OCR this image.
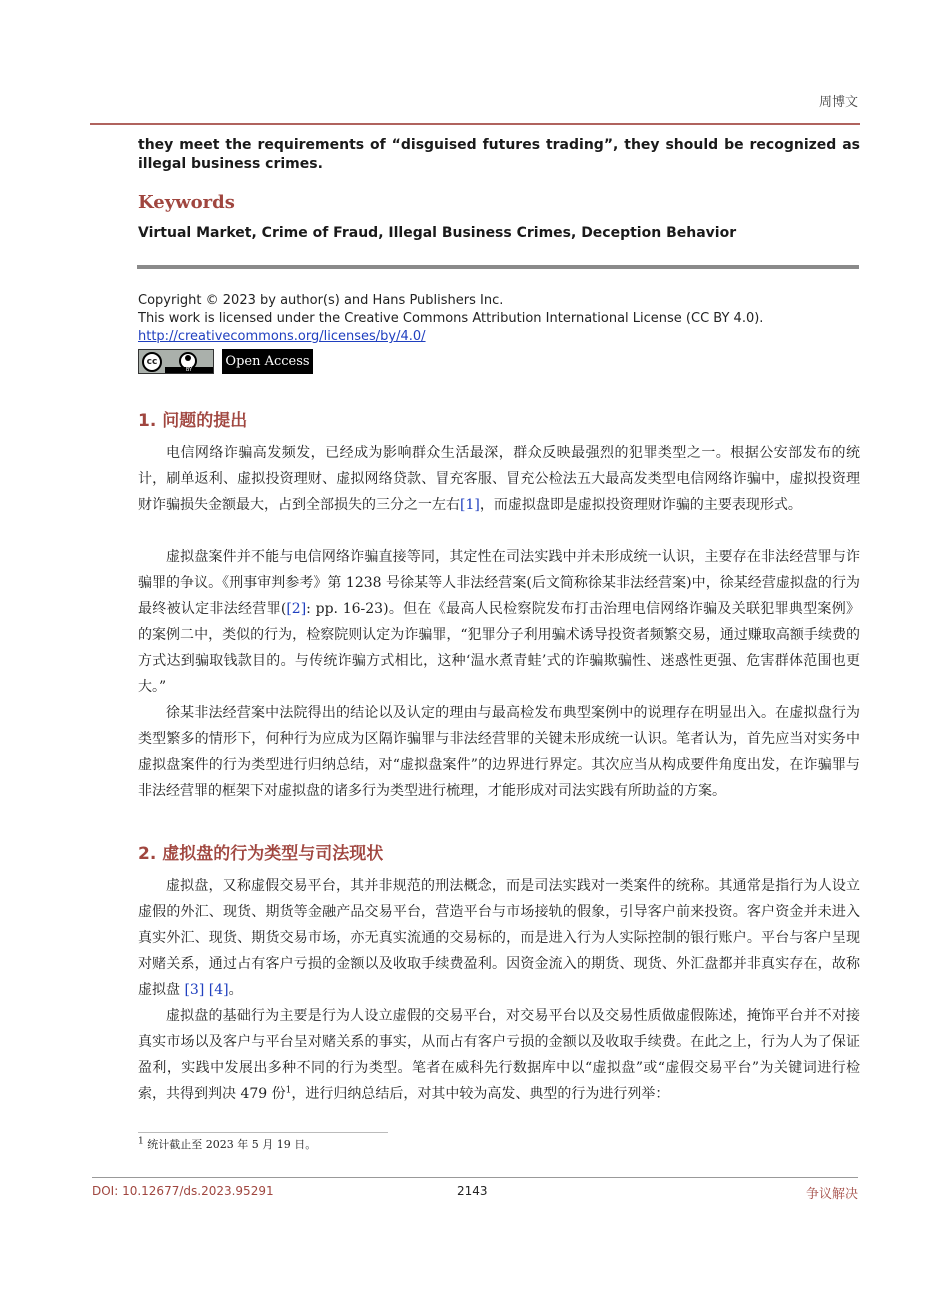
周博文
they meet the requirements of “disguised futures trading”, they should be recognized as illegal business crimes.
Keywords
Virtual Market, Crime of Fraud, Illegal Business Crimes, Deception Behavior
Copyright © 2023 by author(s) and Hans Publishers Inc.
This work is licensed under the Creative Commons Attribution International License (CC BY 4.0).
http://creativecommons.org/licenses/by/4.0/
cc
BY
Open Access
1. 问题的提出
电信网络诈骗高发频发，已经成为影响群众生活最深，群众反映最强烈的犯罪类型之一。根据公安部发布的统计，刷单返利、虚拟投资理财、虚拟网络贷款、冒充客服、冒充公检法五大最高发类型电信网络诈骗中，虚拟投资理财诈骗损失金额最大，占到全部损失的三分之一左右[1]，而虚拟盘即是虚拟投资理财诈骗的主要表现形式。
虚拟盘案件并不能与电信网络诈骗直接等同，其定性在司法实践中并未形成统一认识，主要存在非法经营罪与诈骗罪的争议。《刑事审判参考》第 1238 号徐某等人非法经营案(后文简称徐某非法经营案)中，徐某经营虚拟盘的行为最终被认定非法经营罪([2]: pp. 16-23)。但在《最高人民检察院发布打击治理电信网络诈骗及关联犯罪典型案例》的案例二中，类似的行为，检察院则认定为诈骗罪，“犯罪分子利用骗术诱导投资者频繁交易，通过赚取高额手续费的方式达到骗取钱款目的。与传统诈骗方式相比，这种‘温水煮青蛙’式的诈骗欺骗性、迷惑性更强、危害群体范围也更大。”
徐某非法经营案中法院得出的结论以及认定的理由与最高检发布典型案例中的说理存在明显出入。在虚拟盘行为类型繁多的情形下，何种行为应成为区隔诈骗罪与非法经营罪的关键未形成统一认识。笔者认为，首先应当对实务中虚拟盘案件的行为类型进行归纳总结，对“虚拟盘案件”的边界进行界定。其次应当从构成要件角度出发，在诈骗罪与非法经营罪的框架下对虚拟盘的诸多行为类型进行梳理，才能形成对司法实践有所助益的方案。
2. 虚拟盘的行为类型与司法现状
虚拟盘，又称虚假交易平台，其并非规范的刑法概念，而是司法实践对一类案件的统称。其通常是指行为人设立虚假的外汇、现货、期货等金融产品交易平台，营造平台与市场接轨的假象，引导客户前来投资。客户资金并未进入真实外汇、现货、期货交易市场，亦无真实流通的交易标的，而是进入行为人实际控制的银行账户。平台与客户呈现对赌关系，通过占有客户亏损的金额以及收取手续费盈利。因资金流入的期货、现货、外汇盘都并非真实存在，故称虚拟盘 [3] [4]。
虚拟盘的基础行为主要是行为人设立虚假的交易平台，对交易平台以及交易性质做虚假陈述，掩饰平台并不对接真实市场以及客户与平台呈对赌关系的事实，从而占有客户亏损的金额以及收取手续费。在此之上，行为人为了保证盈利，实践中发展出多种不同的行为类型。笔者在威科先行数据库中以“虚拟盘”或“虚假交易平台”为关键词进行检索，共得到判决 479 份$^1$，进行归纳总结后，对其中较为高发、典型的行为进行列举：
$^1$ 统计截止至 2023 年 5 月 19 日。
DOI: 10.12677/ds.2023.95291	2143	争议解决
